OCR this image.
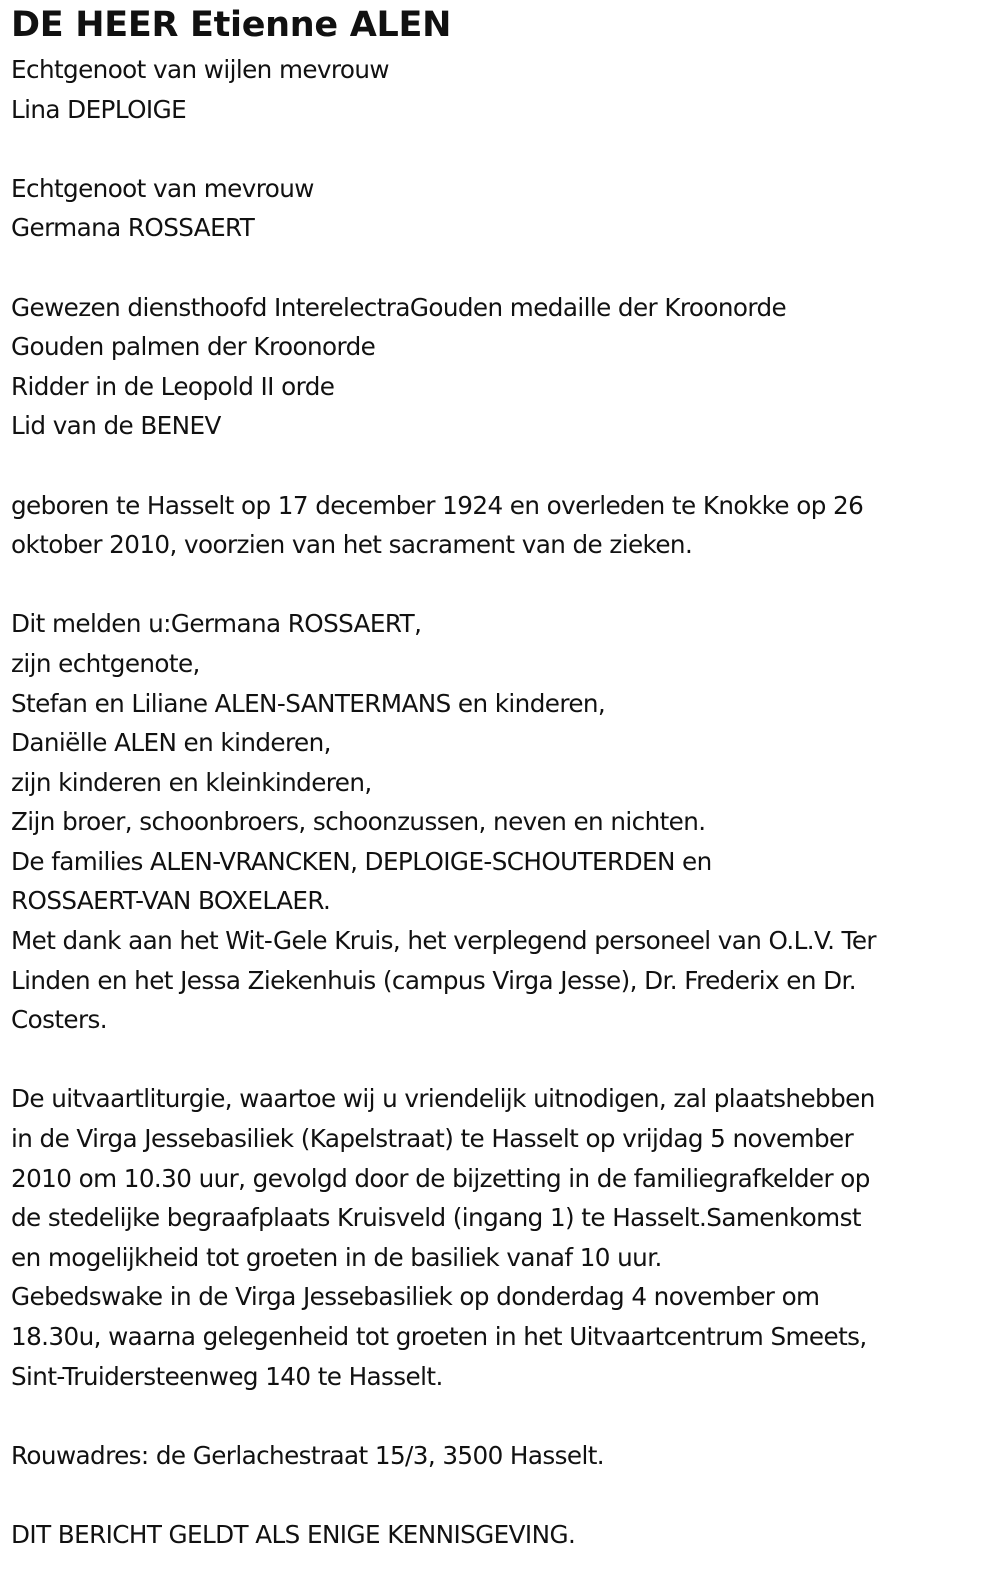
DE HEER Etienne ALEN
Echtgenoot van wijlen mevrouw
Lina DEPLOIGE
Echtgenoot van mevrouw
Germana ROSSAERT
Gewezen diensthoofd InterelectraGouden medaille der Kroonorde
Gouden palmen der Kroonorde
Ridder in de Leopold II orde
Lid van de BENEV
geboren te Hasselt op 17 december 1924 en overleden te Knokke op 26
oktober 2010, voorzien van het sacrament van de zieken.
Dit melden u:Germana ROSSAERT,
zijn echtgenote,
Stefan en Liliane ALEN-SANTERMANS en kinderen,
Daniëlle ALEN en kinderen,
zijn kinderen en kleinkinderen,
Zijn broer, schoonbroers, schoonzussen, neven en nichten.
De families ALEN-VRANCKEN, DEPLOIGE-SCHOUTERDEN en
ROSSAERT-VAN BOXELAER.
Met dank aan het Wit-Gele Kruis, het verplegend personeel van O.L.V. Ter
Linden en het Jessa Ziekenhuis (campus Virga Jesse), Dr. Frederix en Dr.
Costers.
De uitvaartliturgie, waartoe wij u vriendelijk uitnodigen, zal plaatshebben
in de Virga Jessebasiliek (Kapelstraat) te Hasselt op vrijdag 5 november
2010 om 10.30 uur, gevolgd door de bijzetting in de familiegrafkelder op
de stedelijke begraafplaats Kruisveld (ingang 1) te Hasselt.Samenkomst
en mogelijkheid tot groeten in de basiliek vanaf 10 uur.
Gebedswake in de Virga Jessebasiliek op donderdag 4 november om
18.30u, waarna gelegenheid tot groeten in het Uitvaartcentrum Smeets,
Sint-Truidersteenweg 140 te Hasselt.
Rouwadres: de Gerlachestraat 15/3, 3500 Hasselt.
DIT BERICHT GELDT ALS ENIGE KENNISGEVING.
